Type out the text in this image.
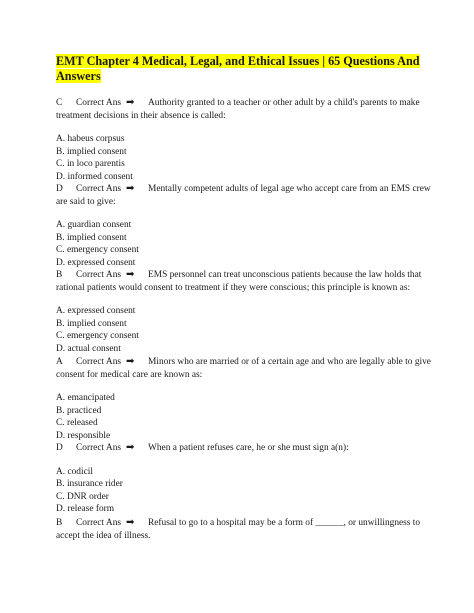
EMT Chapter 4 Medical, Legal, and Ethical Issues | 65 Questions And Answers

C Correct Ans ➡ Authority granted to a teacher or other adult by a child's parents to make treatment decisions in their absence is called:

A. habeus corpsus

B. implied consent

C. in loco parentis

D. informed consent

D Correct Ans ➡ Mentally competent adults of legal age who accept care from an EMS crew are said to give:

A. guardian consent

B. implied consent

C. emergency consent

D. expressed consent

B Correct Ans ➡ EMS personnel can treat unconscious patients because the law holds that rational patients would consent to treatment if they were conscious; this principle is known as:

A. expressed consent

B. implied consent

C. emergency consent

D. actual consent

A Correct Ans ➡ Minors who are married or of a certain age and who are legally able to give consent for medical care are known as:

A. emancipated

B. practiced

C. released

D. responsible

D Correct Ans ➡ When a patient refuses care, he or she must sign a(n):

A. codicil

B. insurance rider

C. DNR order

D. release form

B Correct Ans ➡ Refusal to go to a hospital may be a form of ______, or unwillingness to accept the idea of illness.
